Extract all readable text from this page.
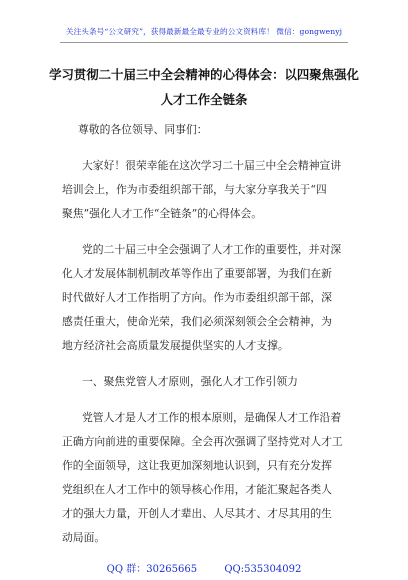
关注头条号“公文研究”，获得最新最全最专业的公文资料库！ 微信：gongwenyj
学习贯彻二十届三中全会精神的心得体会：以四聚焦强化
人才工作全链条
尊敬的各位领导、同事们：
大家好！很荣幸能在这次学习二十届三中全会精神宣讲
培训会上，作为市委组织部干部，与大家分享我关于“四
聚焦”强化人才工作“全链条”的心得体会。
党的二十届三中全会强调了人才工作的重要性，并对深
化人才发展体制机制改革等作出了重要部署，为我们在新
时代做好人才工作指明了方向。作为市委组织部干部，深
感责任重大，使命光荣，我们必须深刻领会全会精神，为
地方经济社会高质量发展提供坚实的人才支撑。
一、聚焦党管人才原则，强化人才工作引领力
党管人才是人才工作的根本原则，是确保人才工作沿着
正确方向前进的重要保障。全会再次强调了坚持党对人才工
作的全面领导，这让我更加深刻地认识到，只有充分发挥
党组织在人才工作中的领导核心作用，才能汇聚起各类人
才的强大力量，开创人才辈出、人尽其才、才尽其用的生
动局面。
QQ 群：30265665	QQ:535304092
